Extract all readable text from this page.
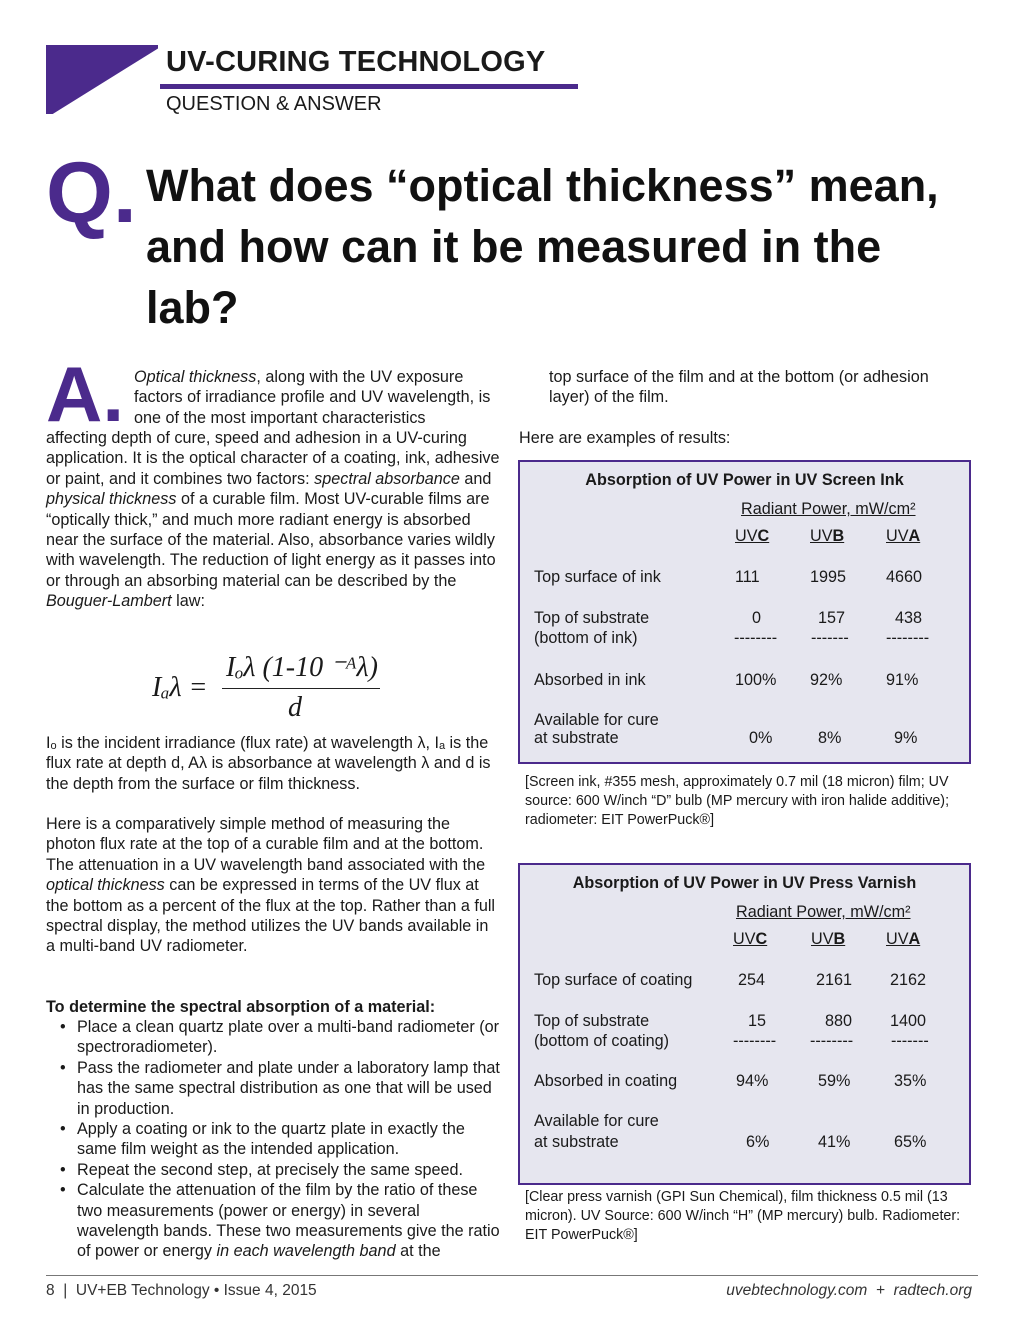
UV-CURING TECHNOLOGY
QUESTION & ANSWER
Q. What does “optical thickness” mean, and how can it be measured in the lab?
A. Optical thickness, along with the UV exposure factors of irradiance profile and UV wavelength, is one of the most important characteristics
affecting depth of cure, speed and adhesion in a UV-curing application. It is the optical character of a coating, ink, adhesive or paint, and it combines two factors: spectral absorbance and physical thickness of a curable film. Most UV-curable films are “optically thick,” and much more radiant energy is absorbed near the surface of the material. Also, absorbance varies wildly with wavelength. The reduction of light energy as it passes into or through an absorbing material can be described by the Bouguer-Lambert law:
Iₐλ =
Iₒλ (1-10 ⁻ᴬλ)
d
Iₒ is the incident irradiance (flux rate) at wavelength λ, Iₐ is the flux rate at depth d, Aλ is absorbance at wavelength λ and d is the depth from the surface or film thickness.
Here is a comparatively simple method of measuring the photon flux rate at the top of a curable film and at the bottom. The attenuation in a UV wavelength band associated with the optical thickness can be expressed in terms of the UV flux at the bottom as a percent of the flux at the top. Rather than a full spectral display, the method utilizes the UV bands available in a multi-band UV radiometer.
To determine the spectral absorption of a material:
• Place a clean quartz plate over a multi-band radiometer (or spectroradiometer).
• Pass the radiometer and plate under a laboratory lamp that has the same spectral distribution as one that will be used in production.
• Apply a coating or ink to the quartz plate in exactly the same film weight as the intended application.
• Repeat the second step, at precisely the same speed.
• Calculate the attenuation of the film by the ratio of these two measurements (power or energy) in several wavelength bands. These two measurements give the ratio of power or energy in each wavelength band at the
top surface of the film and at the bottom (or adhesion layer) of the film.
Here are examples of results:
Absorption of UV Power in UV Screen Ink
Radiant Power, mW/cm²
UVC	UVB	UVA
Top surface of ink	111	1995 4660
Top of substrate
(bottom of ink)
0	157	438
-------- ------- --------
Absorbed in ink	100% 92%	91%
Available for cure
at substrate	0%	8%	9%
[Screen ink, #355 mesh, approximately 0.7 mil (18 micron) film; UV source: 600 W/inch “D” bulb (MP mercury with iron halide additive); radiometer: EIT PowerPuck®]
Absorption of UV Power in UV Press Varnish
Radiant Power, mW/cm²
UVC	UVB	UVA
Top surface of coating	254	2161 2162
Top of substrate
(bottom of coating)
15	880 1400
-------- -------- -------
Absorbed in coating	94%	59%	35%
Available for cure
at substrate	6%	41%	65%
[Clear press varnish (GPI Sun Chemical), film thickness 0.5 mil (13 micron). UV Source: 600 W/inch “H” (MP mercury) bulb. Radiometer: EIT PowerPuck®]
8  |  UV+EB Technology • Issue 4, 2015	uvebtechnology.com  +  radtech.org
